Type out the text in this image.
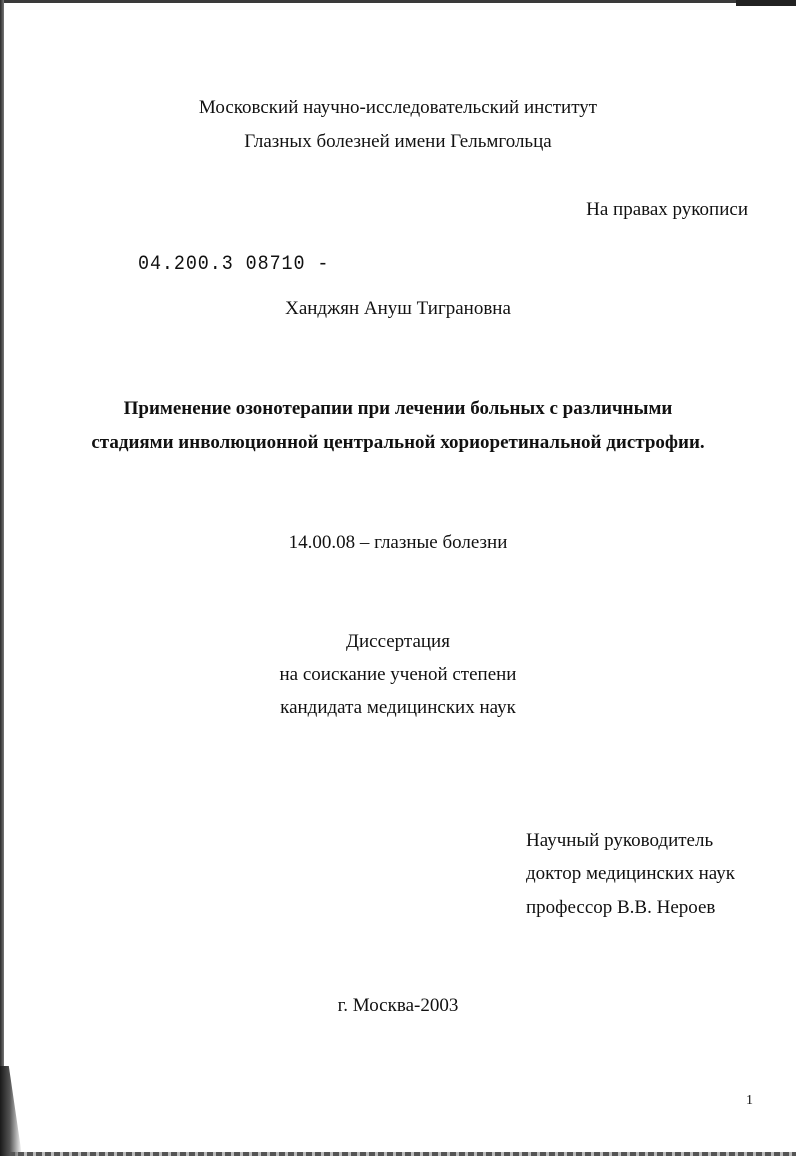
Московский научно-исследовательский институт
Глазных болезней имени Гельмгольца
На правах рукописи
04.200.3 08710 -
Ханджян Ануш Тиграновна
Применение озонотерапии при лечении больных с различными
стадиями инволюционной центральной хориоретинальной дистрофии.
14.00.08 – глазные болезни
Диссертация
на соискание ученой степени
кандидата медицинских наук
Научный руководитель
доктор медицинских наук
профессор В.В. Нероев
г. Москва-2003
1
